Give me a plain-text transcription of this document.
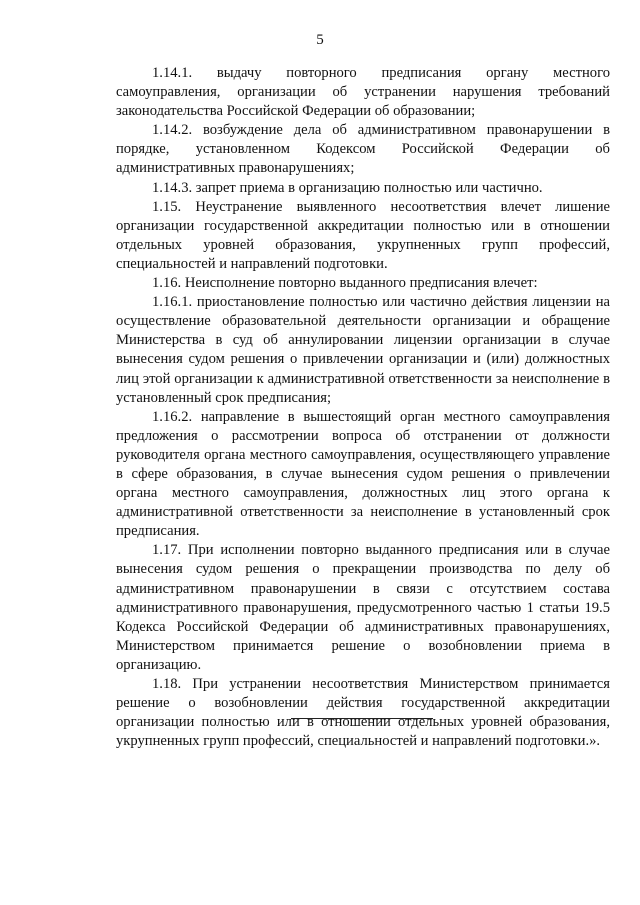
5

1.14.1. выдачу повторного предписания органу местного самоуправления, организации об устранении нарушения требований законодательства Российской Федерации об образовании;

1.14.2. возбуждение дела об административном правонарушении в порядке, установленном Кодексом Российской Федерации об административных правонарушениях;

1.14.3. запрет приема в организацию полностью или частично.

1.15. Неустранение выявленного несоответствия влечет лишение организации государственной аккредитации полностью или в отношении отдельных уровней образования, укрупненных групп профессий, специальностей и направлений подготовки.

1.16. Неисполнение повторно выданного предписания влечет:

1.16.1. приостановление полностью или частично действия лицензии на осуществление образовательной деятельности организации и обращение Министерства в суд об аннулировании лицензии организации в случае вынесения судом решения о привлечении организации и (или) должностных лиц этой организации к административной ответственности за неисполнение в установленный срок предписания;

1.16.2. направление в вышестоящий орган местного самоуправления предложения о рассмотрении вопроса об отстранении от должности руководителя органа местного самоуправления, осуществляющего управление в сфере образования, в случае вынесения судом решения о привлечении органа местного самоуправления, должностных лиц этого органа к административной ответственности за неисполнение в установленный срок предписания.

1.17. При исполнении повторно выданного предписания или в случае вынесения судом решения о прекращении производства по делу об административном правонарушении в связи с отсутствием состава административного правонарушения, предусмотренного частью 1 статьи 19.5 Кодекса Российской Федерации об административных правонарушениях, Министерством принимается решение о возобновлении приема в организацию.

1.18. При устранении несоответствия Министерством принимается решение о возобновлении действия государственной аккредитации организации полностью или в отношении отдельных уровней образования, укрупненных групп профессий, специальностей и направлений подготовки.».
